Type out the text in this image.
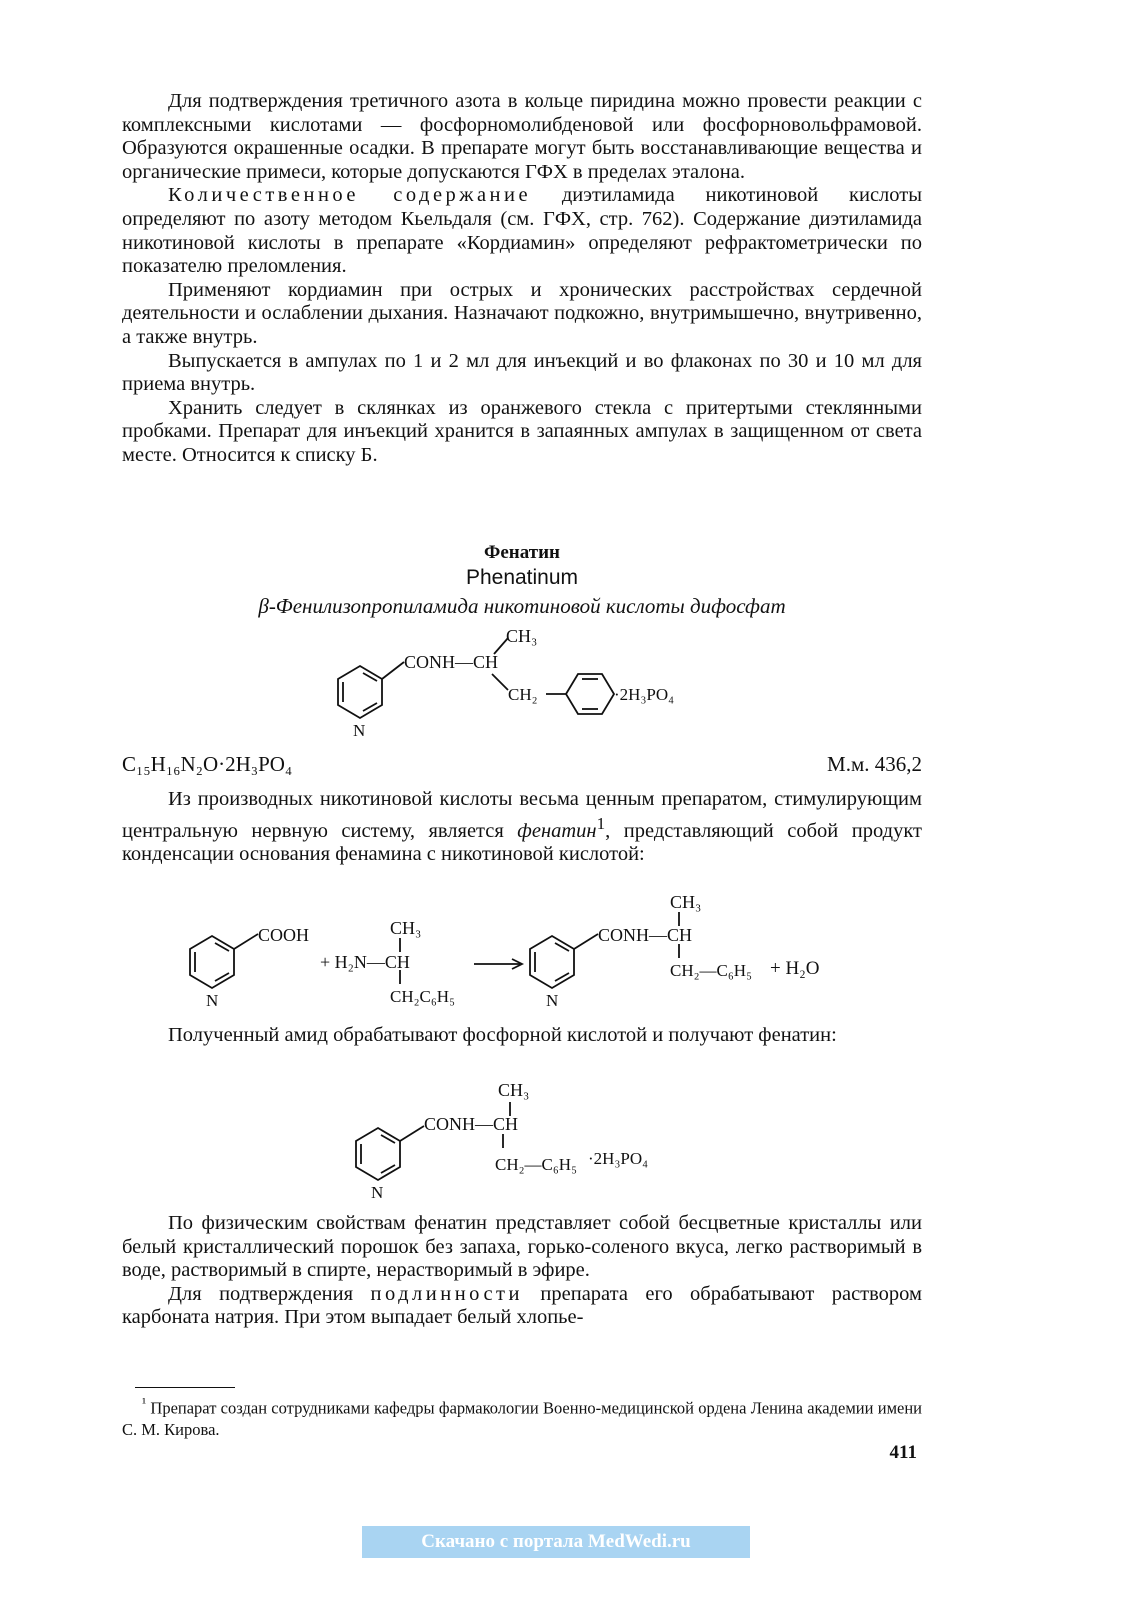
Для подтверждения третичного азота в кольце пиридина можно провести реакции с комплексными кислотами — фосфорномолибденовой или фосфорновольфрамовой. Образуются окрашенные осадки. В препарате могут быть восстанавливающие вещества и органические примеси, которые допускаются ГФХ в пределах эталона.

Количественное содержание диэтиламида никотиновой кислоты определяют по азоту методом Кьельдаля (см. ГФХ, стр. 762). Содержание диэтиламида никотиновой кислоты в препарате «Кордиамин» определяют рефрактометрически по показателю преломления.

Применяют кордиамин при острых и хронических расстройствах сердечной деятельности и ослаблении дыхания. Назначают подкожно, внутримышечно, внутривенно, а также внутрь.

Выпускается в ампулах по 1 и 2 мл для инъекций и во флаконах по 30 и 10 мл для приема внутрь.

Хранить следует в склянках из оранжевого стекла с притертыми стеклянными пробками. Препарат для инъекций хранится в запаянных ампулах в защищенном от света месте. Относится к списку Б.

Фенатин
Phenatinum
β-Фенилизопропиламида никотиновой кислоты дифосфат
CONH—CH
CH₃
CH₂	·2H₃PO₄
N
C₁₅H₁₆N₂O·2H₃PO₄	М.м. 436,2

Из производных никотиновой кислоты весьма ценным препаратом, стимулирующим центральную нервную систему, является фенатин$^1$, представляющий собой продукт конденсации основания фенамина с никотиновой кислотой:

COOH
N
CH₃
+ H₂N—CH
CH₂C₆H₅
CONH—CH
CH₃
N
CH₂—C₆H₅ + H₂O

Полученный амид обрабатывают фосфорной кислотой и получают фенатин:

CONH—CH
CH₃
CH₂—C₆H₅ ·2H₃PO₄
N

По физическим свойствам фенатин представляет собой бесцветные кристаллы или белый кристаллический порошок без запаха, горько-соленого вкуса, легко растворимый в воде, растворимый в спирте, нерастворимый в эфире.

Для подтверждения подлинности препарата его обрабатывают раствором карбоната натрия. При этом выпадает белый хлопье-

$^{^1}$ Препарат создан сотрудниками кафедры фармакологии Военно-медицинской ордена Ленина академии имени С. М. Кирова.
411
Скачано с портала MedWedi.ru
